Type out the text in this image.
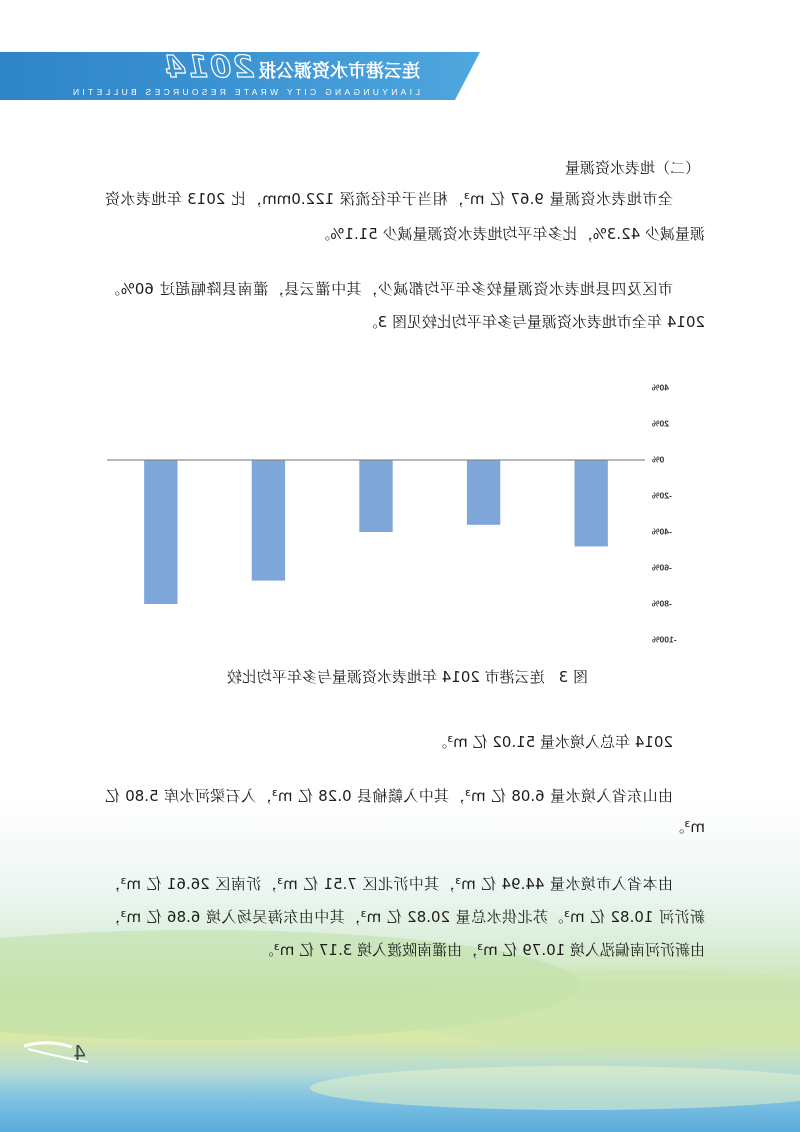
连云港市水资源公报
2014
LIANYUNGANG CITY WRATE RESOURCES BULLETIN
（二）地表水资源量
全市地表水资源量 9.67 亿 m³，相当于年径流深 122.0mm，比 2013 年地表水资
源量减少 42.3%，比多年平均地表水资源量减少 51.1%。
市区及四县地表水资源量较多年平均都减少，其中灌云县，灌南县降幅超过 60%。
2014 年全市地表水资源量与多年平均比较见图 3。
40%
20%
0%
-20%
-40%
-60%
-80%
-100%
图 3连云港市 2014 年地表水资源量与多年平均比较
2014 年总入境水量 51.02 亿 m³。
由山东省入境水量 6.08 亿 m³，其中入赣榆县 0.28 亿 m³，入石梁河水库 5.80 亿
m³。
由本省入市境水量 44.94 亿 m³，其中沂北区 7.51 亿 m³，沂南区 26.61 亿 m³，
新沂河 10.82 亿 m³。苏北供水总量 20.82 亿 m³，其中由东海吴场入境 6.86 亿 m³，
由新沂河南偏泓入境 10.79 亿 m³，由灌南陂渡入境 3.17 亿 m³。
4
